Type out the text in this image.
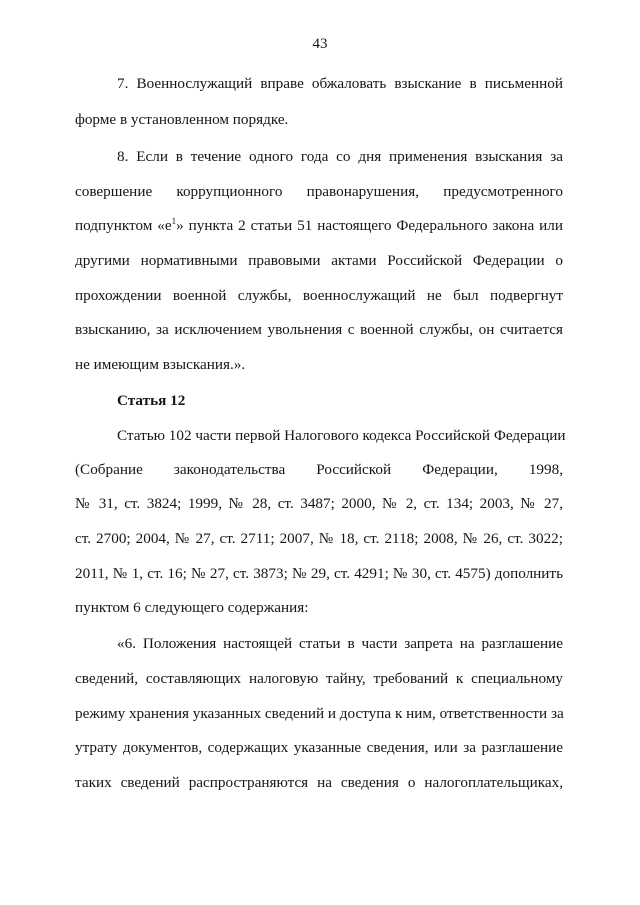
43
7. Военнослужащий вправе обжаловать взыскание в письменной
форме в установленном порядке.
8. Если в течение одного года со дня применения взыскания за
совершение коррупционного правонарушения, предусмотренного
подпунктом «$е^1$» пункта 2 статьи 51 настоящего Федерального закона или
другими нормативными правовыми актами Российской Федерации о
прохождении военной службы, военнослужащий не был подвергнут
взысканию, за исключением увольнения с военной службы, он считается
не имеющим взыскания.».
Статья 12
Статью 102 части первой Налогового кодекса Российской Федерации
(Собрание законодательства Российской Федерации, 1998,
№ 31, ст. 3824; 1999, № 28, ст. 3487; 2000, № 2, ст. 134; 2003, № 27,
ст. 2700; 2004, № 27, ст. 2711; 2007, № 18, ст. 2118; 2008, № 26, ст. 3022;
2011, № 1, ст. 16; № 27, ст. 3873; № 29, ст. 4291; № 30, ст. 4575) дополнить
пунктом 6 следующего содержания:
«6. Положения настоящей статьи в части запрета на разглашение
сведений, составляющих налоговую тайну, требований к специальному
режиму хранения указанных сведений и доступа к ним, ответственности за
утрату документов, содержащих указанные сведения, или за разглашение
таких сведений распространяются на сведения о налогоплательщиках,
